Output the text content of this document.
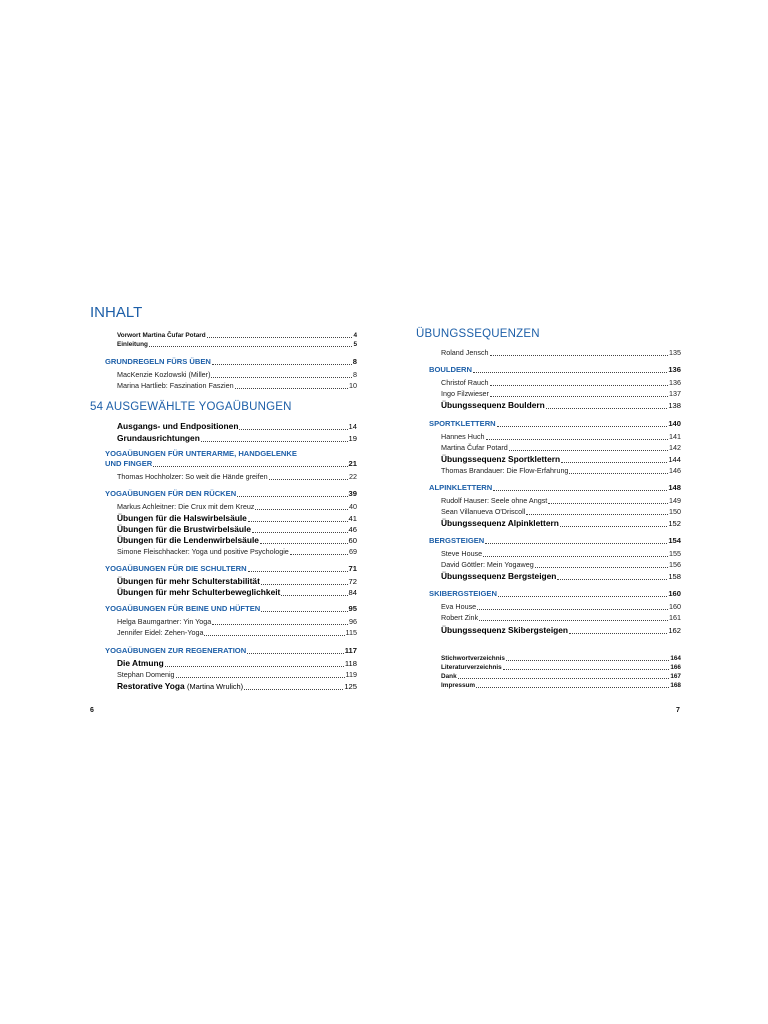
INHALT
Vorwort Martina Čufar Potard	4
Einleitung	5
GRUNDREGELN FÜRS ÜBEN	8
MacKenzie Kozlowski (Miller)	8
Marina Hartlieb: Faszination Faszien	10
54 AUSGEWÄHLTE YOGAÜBUNGEN
Ausgangs- und Endpositionen	14
Grundausrichtungen	19
YOGAÜBUNGEN FÜR UNTERARME, HANDGELENKE
UND FINGER	21
Thomas Hochholzer: So weit die Hände greifen	22
YOGAÜBUNGEN FÜR DEN RÜCKEN	39
Markus Achleitner: Die Crux mit dem Kreuz	40
Übungen für die Halswirbelsäule	41
Übungen für die Brustwirbelsäule	46
Übungen für die Lendenwirbelsäule	60
Simone Fleischhacker: Yoga und positive Psychologie	69
YOGAÜBUNGEN FÜR DIE SCHULTERN	71
Übungen für mehr Schulterstabilität	72
Übungen für mehr Schulterbeweglichkeit	84
YOGAÜBUNGEN FÜR BEINE UND HÜFTEN	95
Helga Baumgartner: Yin Yoga	96
Jennifer Eidel: Zehen-Yoga	115
YOGAÜBUNGEN ZUR REGENERATION	117
Die Atmung	118
Stephan Domenig	119
Restorative Yoga (Martina Wrulich)	125
6
ÜBUNGSSEQUENZEN
Roland Jensch	135
BOULDERN	136
Christof Rauch	136
Ingo Filzwieser	137
Übungssequenz Bouldern	138
SPORTKLETTERN	140
Hannes Huch	141
Martina Čufar Potard	142
Übungssequenz Sportklettern	144
Thomas Brandauer: Die Flow-Erfahrung	146
ALPINKLETTERN	148
Rudolf Hauser: Seele ohne Angst	149
Sean Villanueva O'Driscoll	150
Übungssequenz Alpinklettern	152
BERGSTEIGEN	154
Steve House	155
David Göttler: Mein Yogaweg	156
Übungssequenz Bergsteigen	158
SKIBERGSTEIGEN	160
Eva House	160
Robert Zink	161
Übungssequenz Skibergsteigen	162
Stichwortverzeichnis	164
Literaturverzeichnis	166
Dank	167
Impressum	168
7
